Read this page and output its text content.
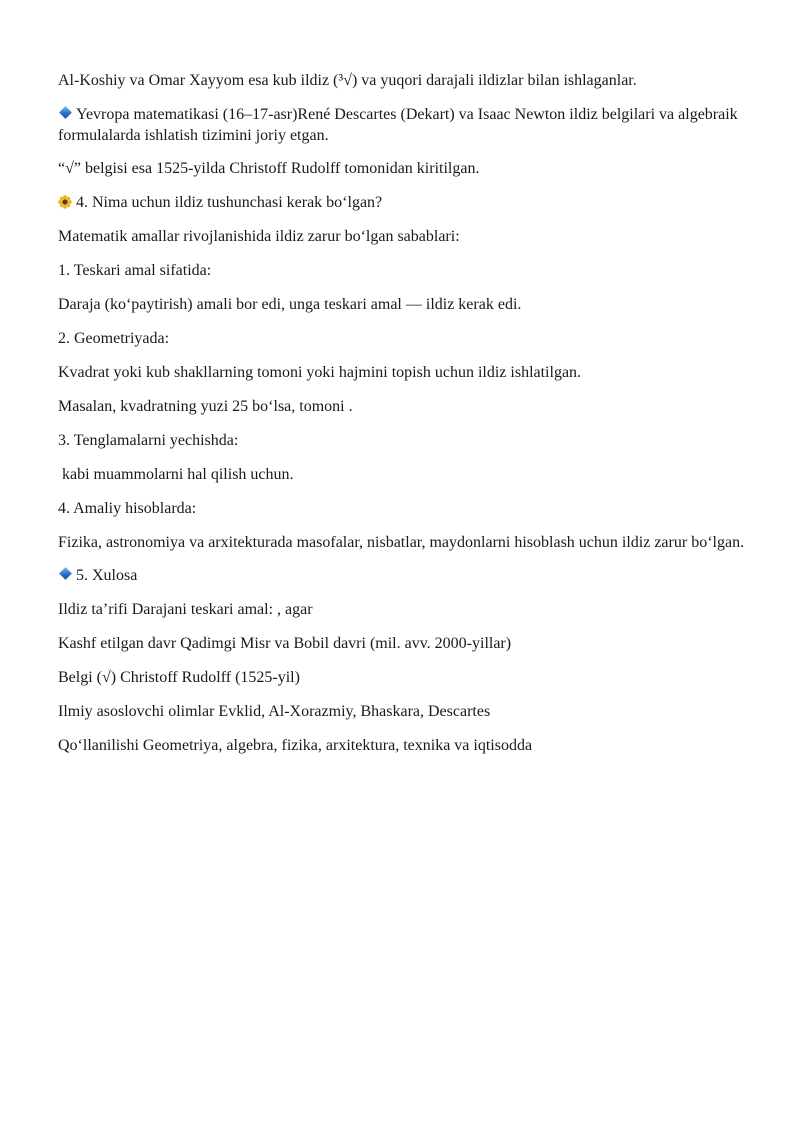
Al-Koshiy va Omar Xayyom esa kub ildiz (³√) va yuqori darajali ildizlar bilan ishlaganlar.

Yevropa matematikasi (16–17-asr)René Descartes (Dekart) va Isaac Newton ildiz belgilari va algebraik formulalarda ishlatish tizimini joriy etgan.

“√” belgisi esa 1525-yilda Christoff Rudolff tomonidan kiritilgan.

4. Nima uchun ildiz tushunchasi kerak bo‘lgan?

Matematik amallar rivojlanishida ildiz zarur bo‘lgan sabablari:

1. Teskari amal sifatida:

Daraja (ko‘paytirish) amali bor edi, unga teskari amal — ildiz kerak edi.

2. Geometriyada:

Kvadrat yoki kub shakllarning tomoni yoki hajmini topish uchun ildiz ishlatilgan.

Masalan, kvadratning yuzi 25 bo‘lsa, tomoni .

3. Tenglamalarni yechishda:

kabi muammolarni hal qilish uchun.

4. Amaliy hisoblarda:

Fizika, astronomiya va arxitekturada masofalar, nisbatlar, maydonlarni hisoblash uchun ildiz zarur bo‘lgan.

5. Xulosa

Ildiz ta’rifi Darajani teskari amal: , agar

Kashf etilgan davr Qadimgi Misr va Bobil davri (mil. avv. 2000-yillar)

Belgi (√) Christoff Rudolff (1525-yil)

Ilmiy asoslovchi olimlar Evklid, Al-Xorazmiy, Bhaskara, Descartes

Qo‘llanilishi Geometriya, algebra, fizika, arxitektura, texnika va iqtisodda
